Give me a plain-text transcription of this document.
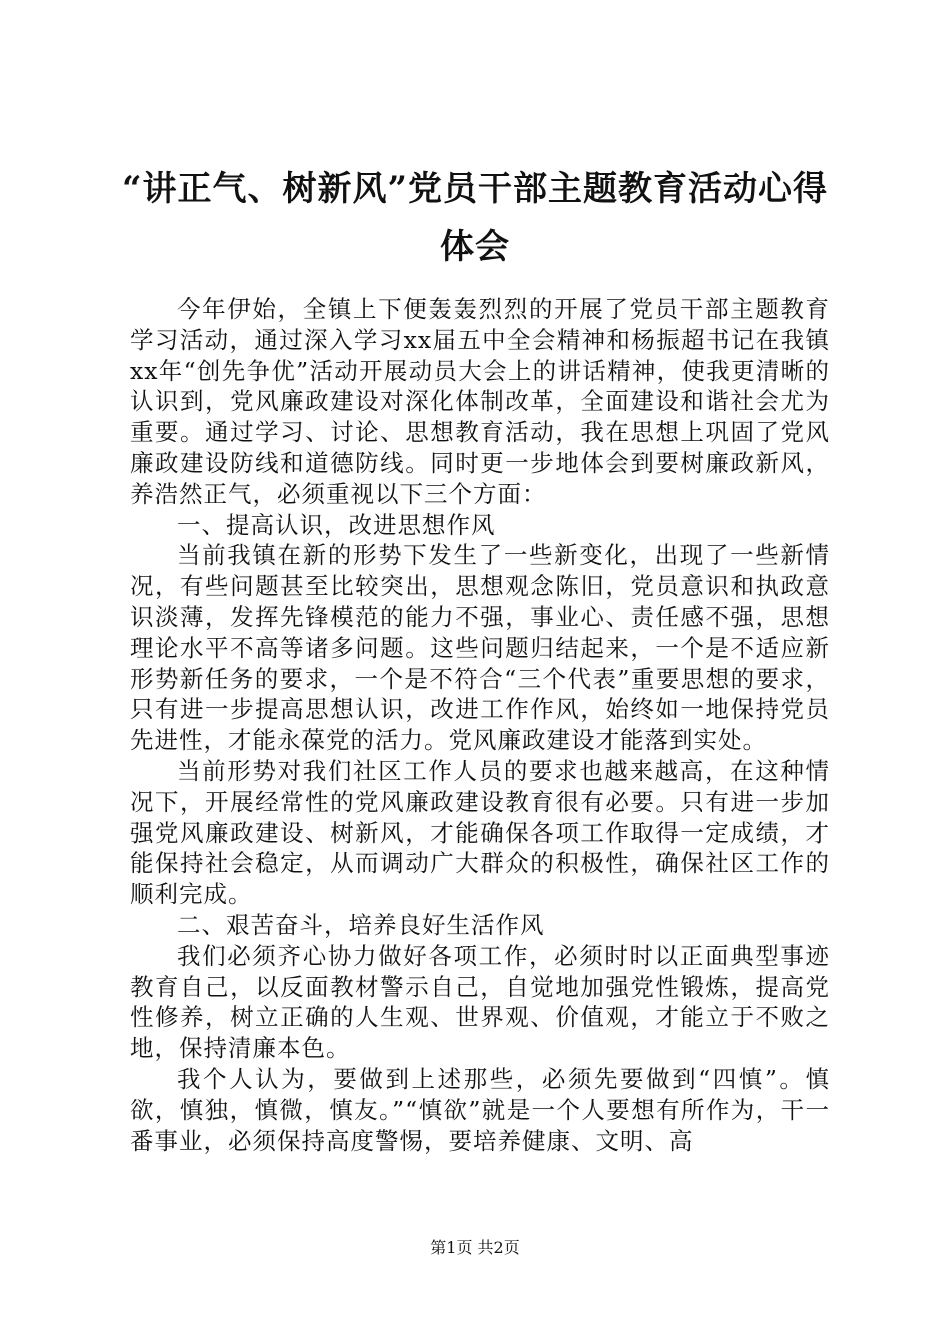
“讲正气、树新风”党员干部主题教育活动心得体会

今年伊始，全镇上下便轰轰烈烈的开展了党员干部主题教育学习活动，通过深入学习xx届五中全会精神和杨振超书记在我镇xx年“创先争优”活动开展动员大会上的讲话精神，使我更清晰的认识到，党风廉政建设对深化体制改革，全面建设和谐社会尤为重要。通过学习、讨论、思想教育活动，我在思想上巩固了党风廉政建设防线和道德防线。同时更一步地体会到要树廉政新风，养浩然正气，必须重视以下三个方面：

一、提高认识，改进思想作风

当前我镇在新的形势下发生了一些新变化，出现了一些新情况，有些问题甚至比较突出，思想观念陈旧，党员意识和执政意识淡薄，发挥先锋模范的能力不强，事业心、责任感不强，思想理论水平不高等诸多问题。这些问题归结起来，一个是不适应新形势新任务的要求，一个是不符合“三个代表”重要思想的要求，只有进一步提高思想认识，改进工作作风，始终如一地保持党员先进性，才能永葆党的活力。党风廉政建设才能落到实处。

当前形势对我们社区工作人员的要求也越来越高，在这种情况下，开展经常性的党风廉政建设教育很有必要。只有进一步加强党风廉政建设、树新风，才能确保各项工作取得一定成绩，才能保持社会稳定，从而调动广大群众的积极性，确保社区工作的顺利完成。

二、艰苦奋斗，培养良好生活作风

我们必须齐心协力做好各项工作，必须时时以正面典型事迹教育自己，以反面教材警示自己，自觉地加强党性锻炼，提高党性修养，树立正确的人生观、世界观、价值观，才能立于不败之地，保持清廉本色。

我个人认为，要做到上述那些，必须先要做到“四慎”。慎欲，慎独，慎微，慎友。”“慎欲”就是一个人要想有所作为，干一番事业，必须保持高度警惕，要培养健康、文明、高

第1页 共2页
